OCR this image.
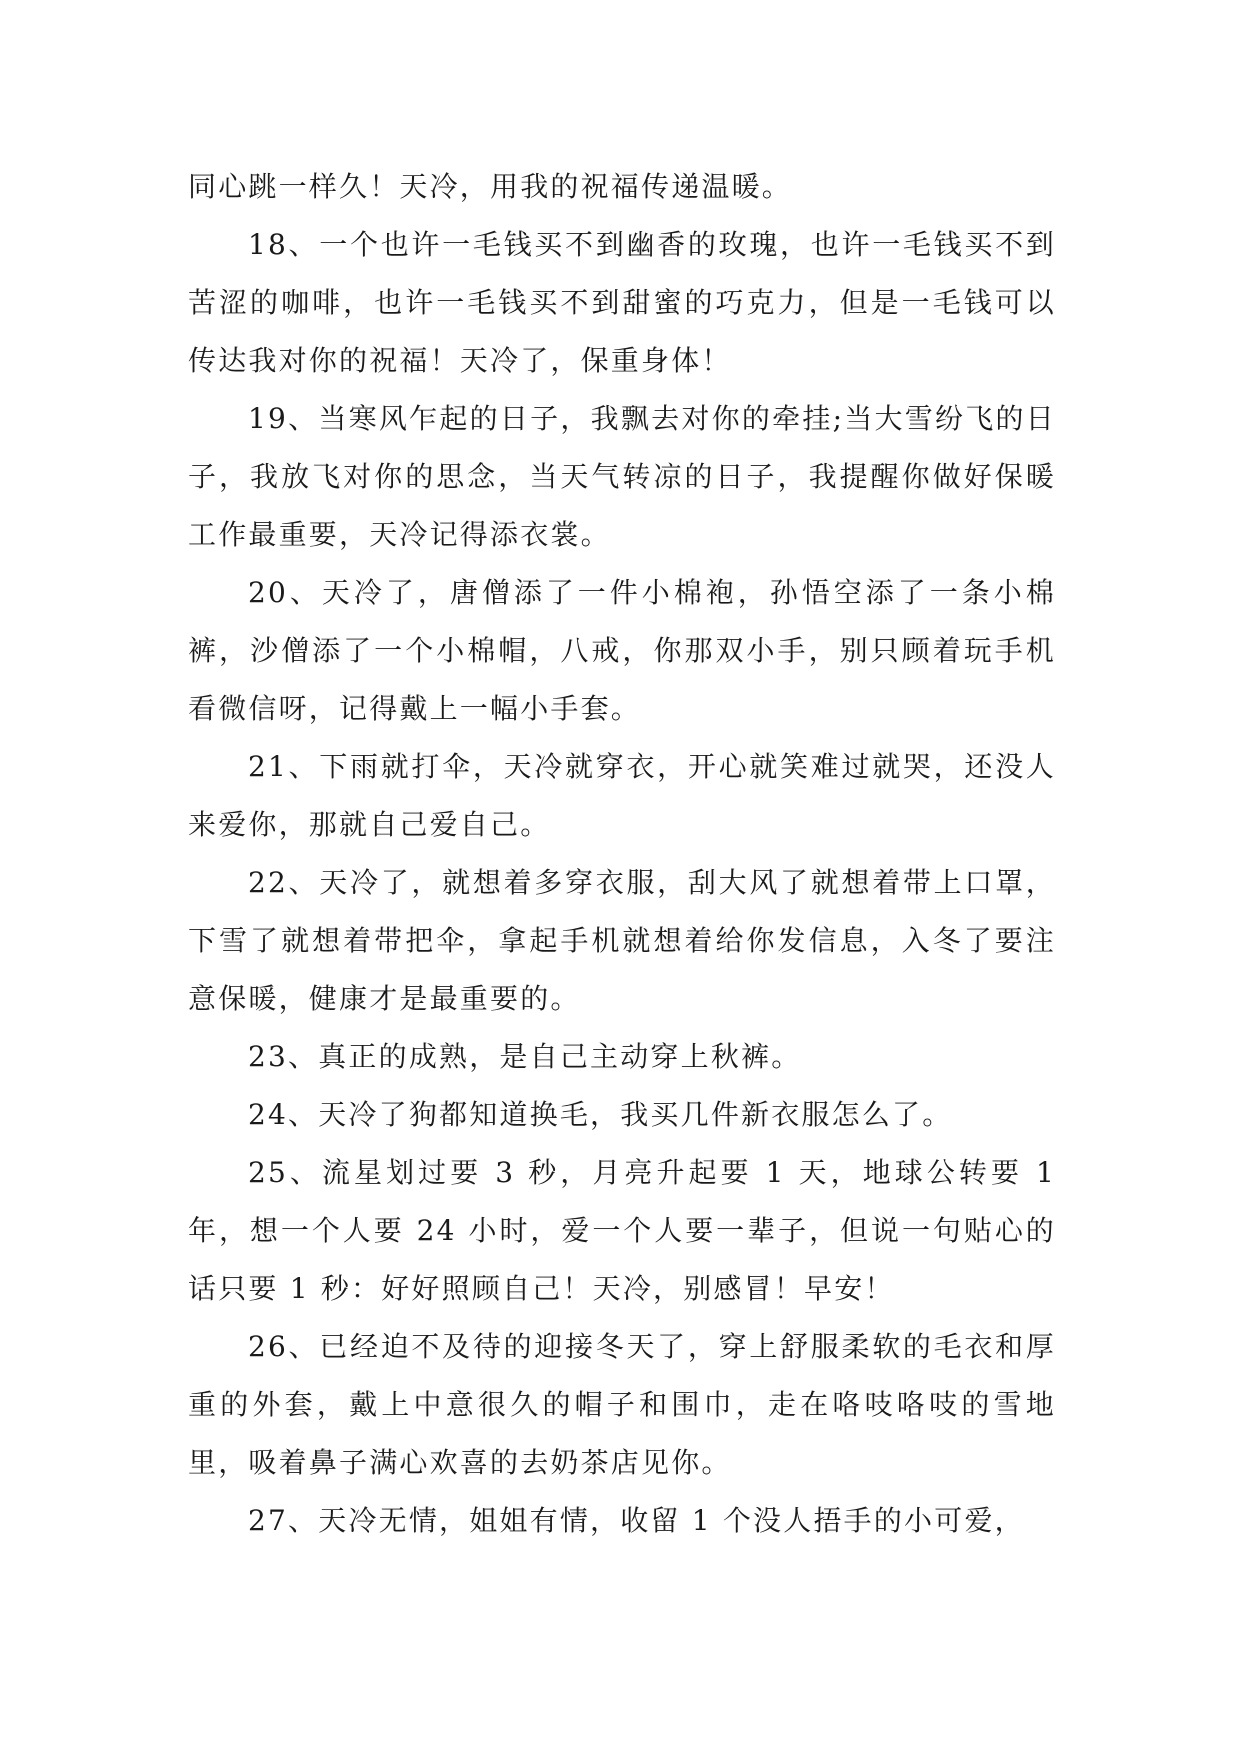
同心跳一样久！天冷，用我的祝福传递温暖。

18、一个也许一毛钱买不到幽香的玫瑰，也许一毛钱买不到苦涩的咖啡，也许一毛钱买不到甜蜜的巧克力，但是一毛钱可以传达我对你的祝福！天冷了，保重身体！

19、当寒风乍起的日子，我飘去对你的牵挂;当大雪纷飞的日子，我放飞对你的思念，当天气转凉的日子，我提醒你做好保暖工作最重要，天冷记得添衣裳。

20、天冷了，唐僧添了一件小棉袍，孙悟空添了一条小棉裤，沙僧添了一个小棉帽，八戒，你那双小手，别只顾着玩手机看微信呀，记得戴上一幅小手套。

21、下雨就打伞，天冷就穿衣，开心就笑难过就哭，还没人来爱你，那就自己爱自己。

22、天冷了，就想着多穿衣服，刮大风了就想着带上口罩，下雪了就想着带把伞，拿起手机就想着给你发信息，入冬了要注意保暖，健康才是最重要的。

23、真正的成熟，是自己主动穿上秋裤。

24、天冷了狗都知道换毛，我买几件新衣服怎么了。

25、流星划过要 3 秒，月亮升起要 1 天，地球公转要 1 年，想一个人要 24 小时，爱一个人要一辈子，但说一句贴心的话只要 1 秒：好好照顾自己！天冷，别感冒！早安！

26、已经迫不及待的迎接冬天了，穿上舒服柔软的毛衣和厚重的外套，戴上中意很久的帽子和围巾，走在咯吱咯吱的雪地里，吸着鼻子满心欢喜的去奶茶店见你。

27、天冷无情，姐姐有情，收留 1 个没人捂手的小可爱，
